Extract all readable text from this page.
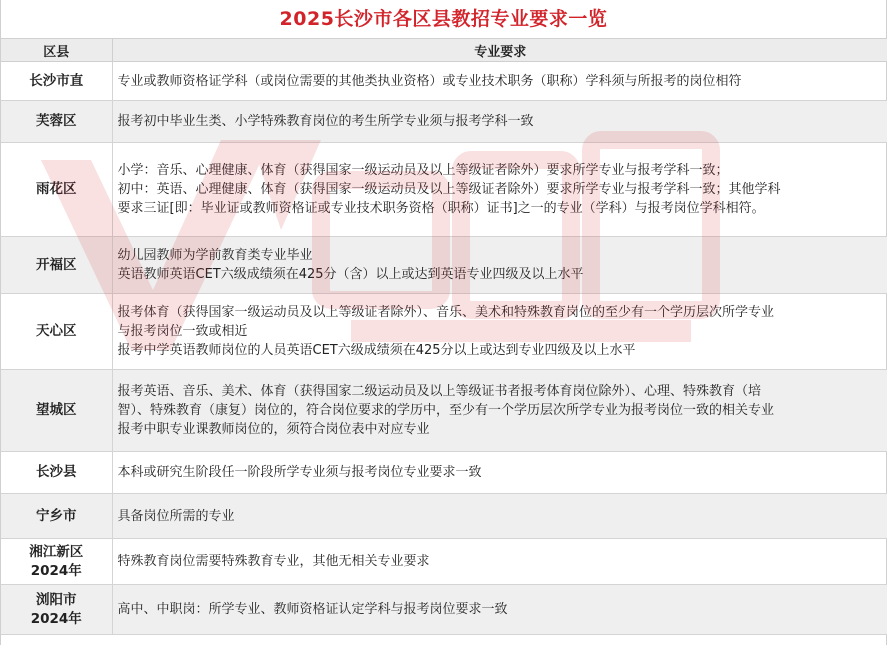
2025长沙市各区县教招专业要求一览
区县	专业要求

长沙市直	专业或教师资格证学科（或岗位需要的其他类执业资格）或专业技术职务（职称）学科须与所报考的岗位相符

芙蓉区	报考初中毕业生类、小学特殊教育岗位的考生所学专业须与报考学科一致

雨花区	小学：音乐、心理健康、体育（获得国家一级运动员及以上等级证者除外）要求所学专业与报考学科一致；
初中：英语、心理健康、体育（获得国家一级运动员及以上等级证者除外）要求所学专业与报考学科一致；其他学科
要求三证[即：毕业证或教师资格证或专业技术职务资格（职称）证书]之一的专业（学科）与报考岗位学科相符。

开福区	幼儿园教师为学前教育类专业毕业
英语教师英语CET六级成绩须在425分（含）以上或达到英语专业四级及以上水平

天心区	报考体育（获得国家一级运动员及以上等级证者除外）、音乐、美术和特殊教育岗位的至少有一个学历层次所学专业
与报考岗位一致或相近
报考中学英语教师岗位的人员英语CET六级成绩须在425分以上或达到专业四级及以上水平

望城区	报考英语、音乐、美术、体育（获得国家二级运动员及以上等级证书者报考体育岗位除外）、心理、特殊教育（培
智）、特殊教育（康复）岗位的，符合岗位要求的学历中，至少有一个学历层次所学专业为报考岗位一致的相关专业
报考中职专业课教师岗位的，须符合岗位表中对应专业

长沙县	本科或研究生阶段任一阶段所学专业须与报考岗位专业要求一致

宁乡市	具备岗位所需的专业

湘江新区
2024年	特殊教育岗位需要特殊教育专业，其他无相关专业要求

浏阳市
2024年	高中、中职岗：所学专业、教师资格证认定学科与报考岗位要求一致
